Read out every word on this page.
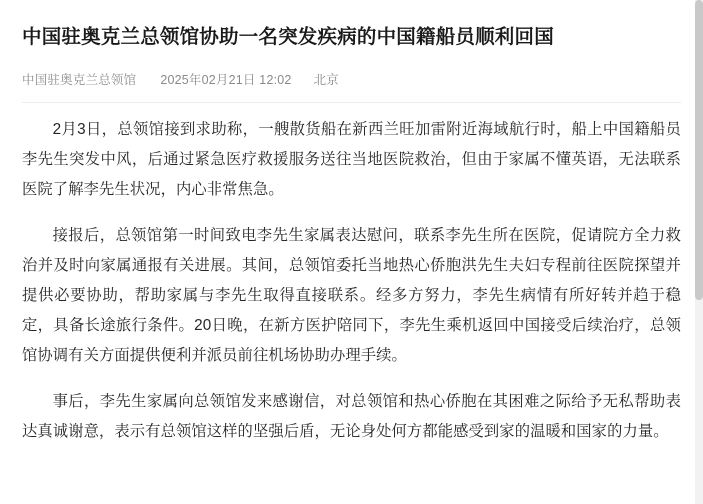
中国驻奥克兰总领馆协助一名突发疾病的中国籍船员顺利回国
中国驻奥克兰总领馆 2025年02月21日 12:02 北京

2月3日，总领馆接到求助称，一艘散货船在新西兰旺加雷附近海域航行时，船上中国籍船员李先生突发中风，后通过紧急医疗救援服务送往当地医院救治，但由于家属不懂英语，无法联系医院了解李先生状况，内心非常焦急。

接报后，总领馆第一时间致电李先生家属表达慰问，联系李先生所在医院，促请院方全力救治并及时向家属通报有关进展。其间，总领馆委托当地热心侨胞洪先生夫妇专程前往医院探望并提供必要协助，帮助家属与李先生取得直接联系。经多方努力，李先生病情有所好转并趋于稳定，具备长途旅行条件。20日晚，在新方医护陪同下，李先生乘机返回中国接受后续治疗，总领馆协调有关方面提供便利并派员前往机场协助办理手续。

事后，李先生家属向总领馆发来感谢信，对总领馆和热心侨胞在其困难之际给予无私帮助表达真诚谢意，表示有总领馆这样的坚强后盾，无论身处何方都能感受到家的温暖和国家的力量。
